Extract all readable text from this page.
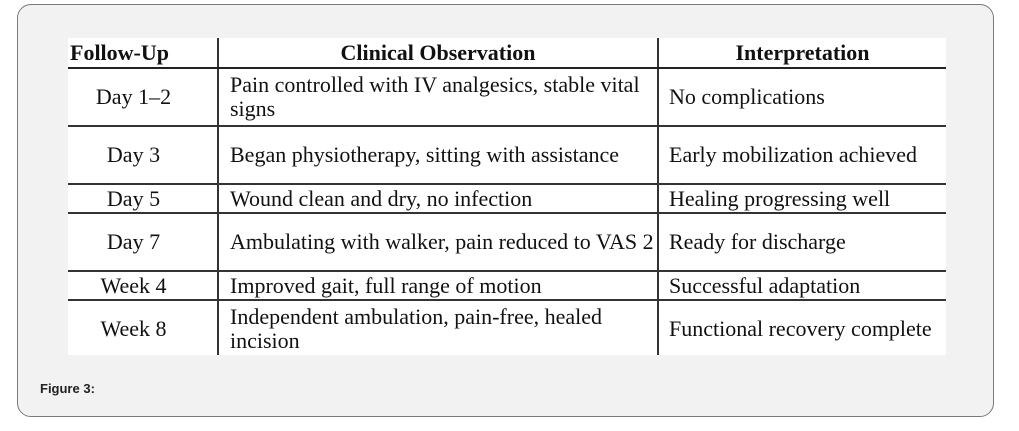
Follow-Up	Clinical Observation	Interpretation
Day 1–2	Pain controlled with IV analgesics, stable vital signs	No complications
Day 3	Began physiotherapy, sitting with assistance	Early mobilization achieved
Day 5	Wound clean and dry, no infection	Healing progressing well
Day 7	Ambulating with walker, pain reduced to VAS 2	Ready for discharge
Week 4	Improved gait, full range of motion	Successful adaptation
Week 8	Independent ambulation, pain-free, healed incision	Functional recovery complete
Figure 3:
